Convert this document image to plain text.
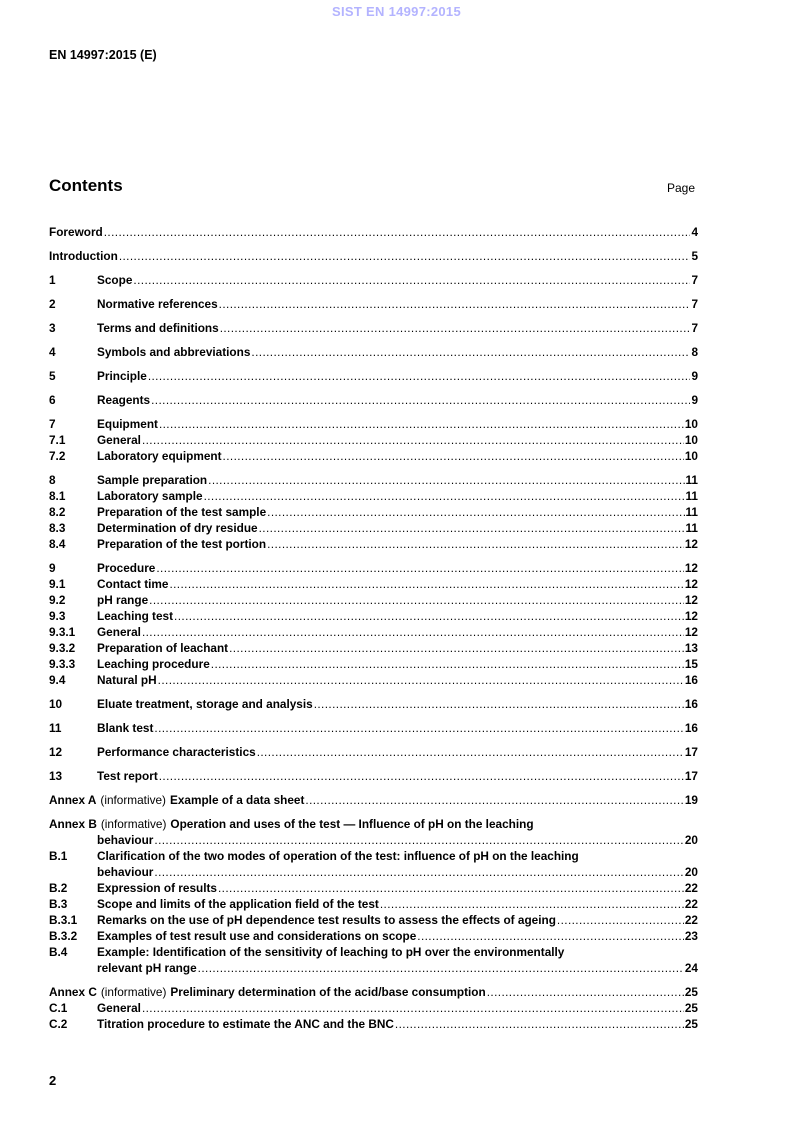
SIST EN 14997:2015
EN 14997:2015 (E)
Contents	Page
Foreword .....	4
Introduction .....	5
1	Scope .....	7
2	Normative references .....	7
3	Terms and definitions .....	7
4	Symbols and abbreviations .....	8
5	Principle .....	9
6	Reagents .....	9
7	Equipment .....	10
7.1	General .....	10
7.2	Laboratory equipment .....	10
8	Sample preparation .....	11
8.1	Laboratory sample .....	11
8.2	Preparation of the test sample .....	11
8.3	Determination of dry residue .....	11
8.4	Preparation of the test portion .....	12
9	Procedure .....	12
9.1	Contact time .....	12
9.2	pH range .....	12
9.3	Leaching test .....	12
9.3.1	General .....	12
9.3.2	Preparation of leachant .....	13
9.3.3	Leaching procedure .....	15
9.4	Natural pH .....	16
10	Eluate treatment, storage and analysis .....	16
11	Blank test .....	16
12	Performance characteristics .....	17
13	Test report .....	17
Annex A (informative) Example of a data sheet .....	19
Annex B (informative) Operation and uses of the test — Influence of pH on the leaching
behaviour .....	20
B.1	Clarification of the two modes of operation of the test: influence of pH on the leaching
behaviour .....	20
B.2	Expression of results .....	22
B.3	Scope and limits of the application field of the test .....	22
B.3.1	Remarks on the use of pH dependence test results to assess the effects of ageing .....	22
B.3.2	Examples of test result use and considerations on scope .....	23
B.4	Example: Identification of the sensitivity of leaching to pH over the environmentally
relevant pH range .....	24
Annex C (informative) Preliminary determination of the acid/base consumption .....	25
C.1	General .....	25
C.2	Titration procedure to estimate the ANC and the BNC .....	25
2
